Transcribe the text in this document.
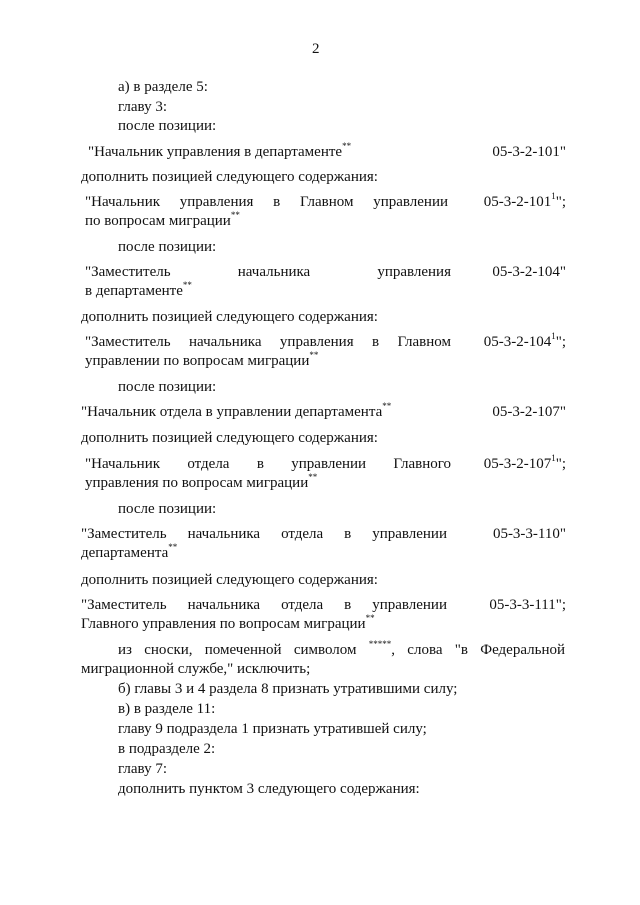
2
а) в разделе 5:
главу 3:
после позиции:
"Начальник управления в департаменте**	05-3-2-101"
дополнить позицией следующего содержания:
"Начальник управления в Главном управлении
по вопросам миграции**
$05-3-2-101^1$";
после позиции:
"Заместитель начальника управления
в департаменте**
05-3-2-104"
дополнить позицией следующего содержания:
"Заместитель начальника управления в Главном
управлении по вопросам миграции**
$05-3-2-104^1$";
после позиции:
"Начальник отдела в управлении департамента**	05-3-2-107"
дополнить позицией следующего содержания:
"Начальник отдела в управлении Главного
управления по вопросам миграции**
$05-3-2-107^1$";
после позиции:
"Заместитель начальника отдела в управлении
департамента**
05-3-3-110"
дополнить позицией следующего содержания:
"Заместитель начальника отдела в управлении
Главного управления по вопросам миграции**
05-3-3-111";
из сноски, помеченной символом *****, слова "в Федеральной
миграционной службе," исключить;
б) главы 3 и 4 раздела 8 признать утратившими силу;
в) в разделе 11:
главу 9 подраздела 1 признать утратившей силу;
в подразделе 2:
главу 7:
дополнить пунктом 3 следующего содержания:
